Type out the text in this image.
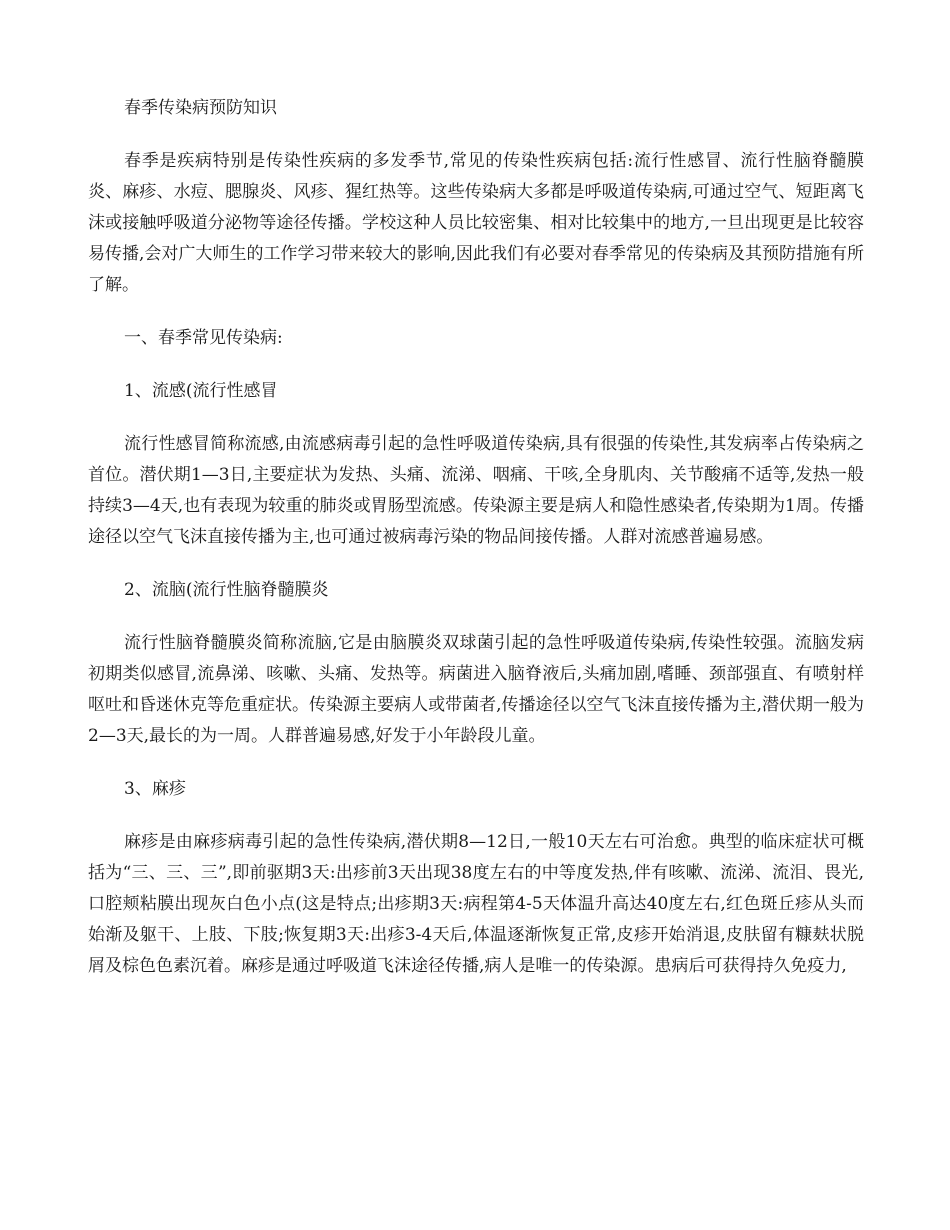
春季传染病预防知识

春季是疾病特别是传染性疾病的多发季节,常见的传染性疾病包括:流行性感冒、流行性脑脊髓膜炎、麻疹、水痘、腮腺炎、风疹、猩红热等。这些传染病大多都是呼吸道传染病,可通过空气、短距离飞沫或接触呼吸道分泌物等途径传播。学校这种人员比较密集、相对比较集中的地方,一旦出现更是比较容易传播,会对广大师生的工作学习带来较大的影响,因此我们有必要对春季常见的传染病及其预防措施有所了解。

一、春季常见传染病:

1、流感(流行性感冒

流行性感冒简称流感,由流感病毒引起的急性呼吸道传染病,具有很强的传染性,其发病率占传染病之首位。潜伏期1—3日,主要症状为发热、头痛、流涕、咽痛、干咳,全身肌肉、关节酸痛不适等,发热一般持续3—4天,也有表现为较重的肺炎或胃肠型流感。传染源主要是病人和隐性感染者,传染期为1周。传播途径以空气飞沫直接传播为主,也可通过被病毒污染的物品间接传播。人群对流感普遍易感。

2、流脑(流行性脑脊髓膜炎

流行性脑脊髓膜炎简称流脑,它是由脑膜炎双球菌引起的急性呼吸道传染病,传染性较强。流脑发病初期类似感冒,流鼻涕、咳嗽、头痛、发热等。病菌进入脑脊液后,头痛加剧,嗜睡、颈部强直、有喷射样呕吐和昏迷休克等危重症状。传染源主要病人或带菌者,传播途径以空气飞沫直接传播为主,潜伏期一般为2—3天,最长的为一周。人群普遍易感,好发于小年龄段儿童。

3、麻疹

麻疹是由麻疹病毒引起的急性传染病,潜伏期8—12日,一般10天左右可治愈。典型的临床症状可概括为“三、三、三”,即前驱期3天:出疹前3天出现38度左右的中等度发热,伴有咳嗽、流涕、流泪、畏光,口腔颊粘膜出现灰白色小点(这是特点;出疹期3天:病程第4-5天体温升高达40度左右,红色斑丘疹从头而始渐及躯干、上肢、下肢;恢复期3天:出疹3-4天后,体温逐渐恢复正常,皮疹开始消退,皮肤留有糠麸状脱屑及棕色色素沉着。麻疹是通过呼吸道飞沫途径传播,病人是唯一的传染源。患病后可获得持久免疫力,
